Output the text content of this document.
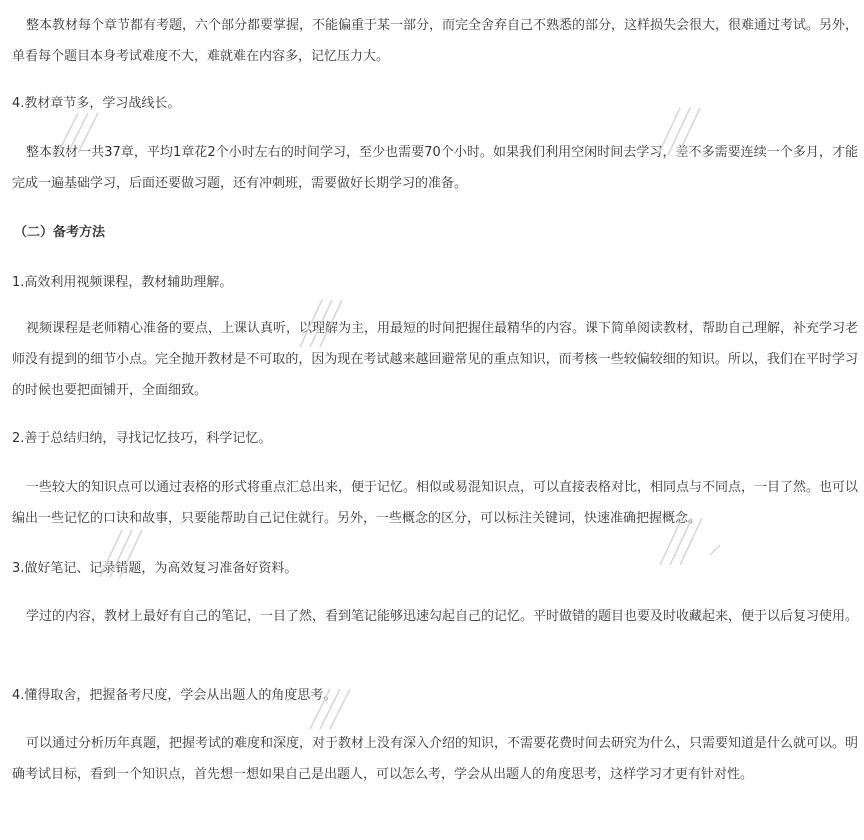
整本教材每个章节都有考题，六个部分都要掌握，不能偏重于某一部分，而完全舍弃自己不熟悉的部分，这样损失会很大，很难通过考试。另外，单看每个题目本身考试难度不大，难就难在内容多，记忆压力大。

4.教材章节多，学习战线长。

整本教材一共37章，平均1章花2个小时左右的时间学习，至少也需要70个小时。如果我们利用空闲时间去学习，差不多需要连续一个多月，才能完成一遍基础学习，后面还要做习题，还有冲刺班，需要做好长期学习的准备。

（二）备考方法

1.高效利用视频课程，教材辅助理解。

视频课程是老师精心准备的要点，上课认真听，以理解为主，用最短的时间把握住最精华的内容。课下简单阅读教材，帮助自己理解，补充学习老师没有提到的细节小点。完全抛开教材是不可取的，因为现在考试越来越回避常见的重点知识，而考核一些较偏较细的知识。所以，我们在平时学习的时候也要把面铺开，全面细致。

2.善于总结归纳，寻找记忆技巧，科学记忆。

一些较大的知识点可以通过表格的形式将重点汇总出来，便于记忆。相似或易混知识点，可以直接表格对比，相同点与不同点，一目了然。也可以编出一些记忆的口诀和故事，只要能帮助自己记住就行。另外，一些概念的区分，可以标注关键词，快速准确把握概念。

3.做好笔记、记录错题，为高效复习准备好资料。

学过的内容，教材上最好有自己的笔记，一目了然，看到笔记能够迅速勾起自己的记忆。平时做错的题目也要及时收藏起来，便于以后复习使用。

4.懂得取舍，把握备考尺度，学会从出题人的角度思考。

可以通过分析历年真题，把握考试的难度和深度，对于教材上没有深入介绍的知识，不需要花费时间去研究为什么，只需要知道是什么就可以。明确考试目标，看到一个知识点，首先想一想如果自己是出题人，可以怎么考，学会从出题人的角度思考，这样学习才更有针对性。
